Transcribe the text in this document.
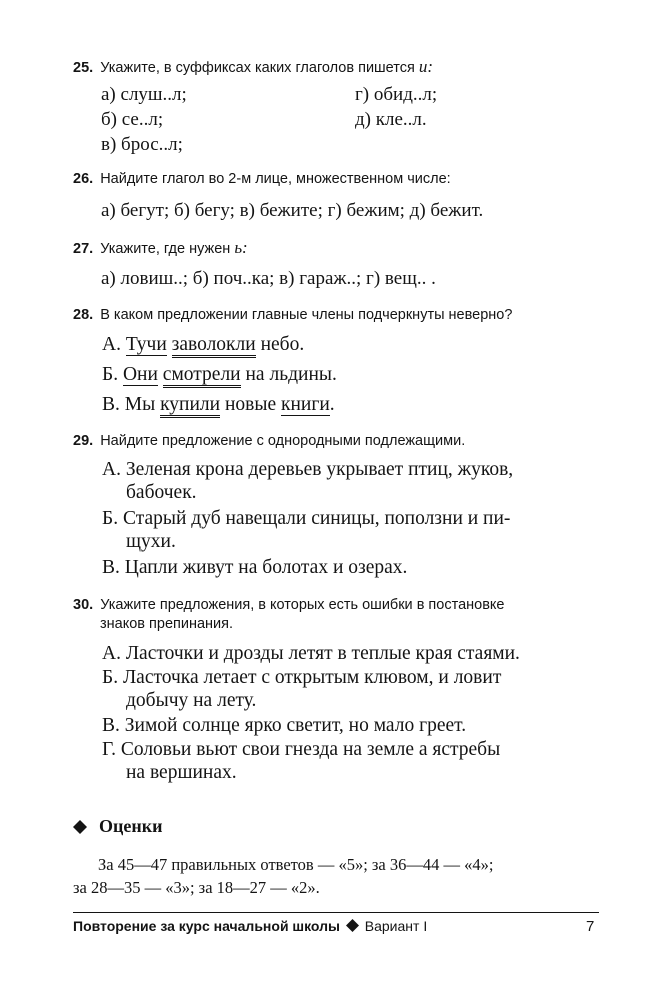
25. Укажите, в суффиксах каких глаголов пишется и:
а) слуш..л;	г) обид..л;
б) се..л;	д) кле..л.
в) брос..л;
26. Найдите глагол во 2-м лице, множественном числе:
а) бегут; б) бегу; в) бежите; г) бежим; д) бежит.
27. Укажите, где нужен ь:
а) ловиш..; б) поч..ка; в) гараж..; г) вещ.. .
28. В каком предложении главные члены подчеркнуты неверно?
А. Тучи заволокли небо.
Б. Они смотрели на льдины.
В. Мы купили новые книги.
29. Найдите предложение с однородными подлежащими.
А. Зеленая крона деревьев укрывает птиц, жуков,
бабочек.
Б. Старый дуб навещали синицы, поползни и пи-
щухи.
В. Цапли живут на болотах и озерах.
30. Укажите предложения, в которых есть ошибки в постановке
знаков препинания.
А. Ласточки и дрозды летят в теплые края стаями.
Б. Ласточка летает с открытым клювом, и ловит
добычу на лету.
В. Зимой солнце ярко светит, но мало греет.
Г. Соловьи вьют свои гнезда на земле а ястребы
на вершинах.
Оценки
За 45—47 правильных ответов — «5»; за 36—44 — «4»;
за 28—35 — «3»; за 18—27 — «2».
Повторение за курс начальной школы Вариант I	7
